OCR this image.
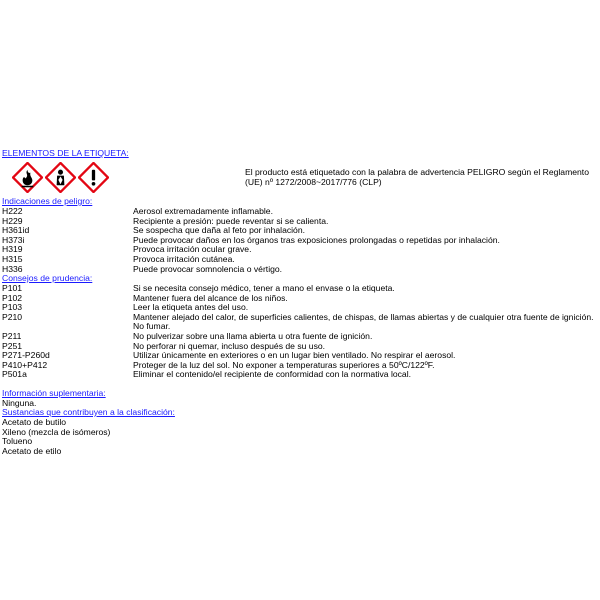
ELEMENTOS DE LA ETIQUETA:
El producto está etiquetado con la palabra de advertencia PELIGRO según el Reglamento (UE) nº 1272/2008~2017/776 (CLP)
Indicaciones de peligro:
H222	Aerosol extremadamente inflamable.
H229	Recipiente a presión: puede reventar si se calienta.
H361id	Se sospecha que daña al feto por inhalación.
H373i	Puede provocar daños en los órganos tras exposiciones prolongadas o repetidas por inhalación.
H319	Provoca irritación ocular grave.
H315	Provoca irritación cutánea.
H336	Puede provocar somnolencia o vértigo.
Consejos de prudencia:
P101	Si se necesita consejo médico, tener a mano el envase o la etiqueta.
P102	Mantener fuera del alcance de los niños.
P103	Leer la etiqueta antes del uso.
P210	Mantener alejado del calor, de superficies calientes, de chispas, de llamas abiertas y de cualquier otra fuente de ignición. No fumar.
P211	No pulverizar sobre una llama abierta u otra fuente de ignición.
P251	No perforar ni quemar, incluso después de su uso.
P271-P260d	Utilizar únicamente en exteriores o en un lugar bien ventilado. No respirar el aerosol.
P410+P412	Proteger de la luz del sol. No exponer a temperaturas superiores a 50ºC/122ºF.
P501a	Eliminar el contenido/el recipiente de conformidad con la normativa local.
Información suplementaria:
Ninguna.
Sustancias que contribuyen a la clasificación:
Acetato de butilo
Xileno (mezcla de isómeros)
Tolueno
Acetato de etilo
